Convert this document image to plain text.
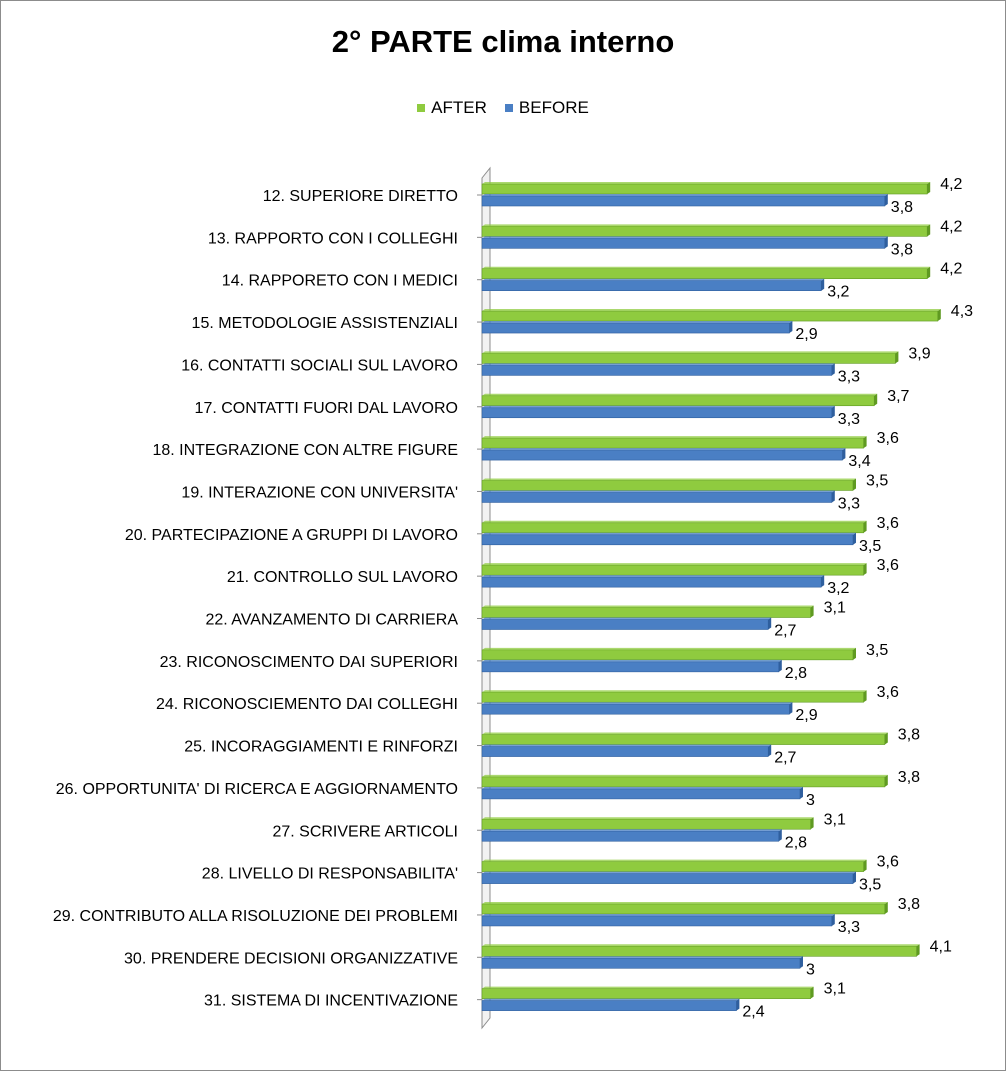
2° PARTE clima interno
AFTER BEFORE
12. SUPERIORE DIRETTO
4,2
3,8
13. RAPPORTO CON I COLLEGHI
4,2
3,8
14. RAPPORETO CON I MEDICI
4,2
3,2
15. METODOLOGIE ASSISTENZIALI
4,3
2,9
16. CONTATTI SOCIALI SUL LAVORO
3,9
3,3
17. CONTATTI FUORI DAL LAVORO
3,7
3,3
18. INTEGRAZIONE CON ALTRE FIGURE
3,6
3,4
19. INTERAZIONE CON UNIVERSITA'
3,5
3,3
20. PARTECIPAZIONE A GRUPPI DI LAVORO
3,6
3,5
21. CONTROLLO SUL LAVORO
3,6
3,2
22. AVANZAMENTO DI CARRIERA
3,1
2,7
23. RICONOSCIMENTO DAI SUPERIORI
3,5
2,8
24. RICONOSCIEMENTO DAI COLLEGHI
3,6
2,9
25. INCORAGGIAMENTI E RINFORZI
3,8
2,7
26. OPPORTUNITA' DI RICERCA E AGGIORNAMENTO
3,8
3
27. SCRIVERE ARTICOLI
3,1
2,8
28. LIVELLO DI RESPONSABILITA'
3,6
3,5
29. CONTRIBUTO ALLA RISOLUZIONE DEI PROBLEMI
3,8
3,3
30. PRENDERE DECISIONI ORGANIZZATIVE
4,1
3
31. SISTEMA DI INCENTIVAZIONE
3,1
2,4
